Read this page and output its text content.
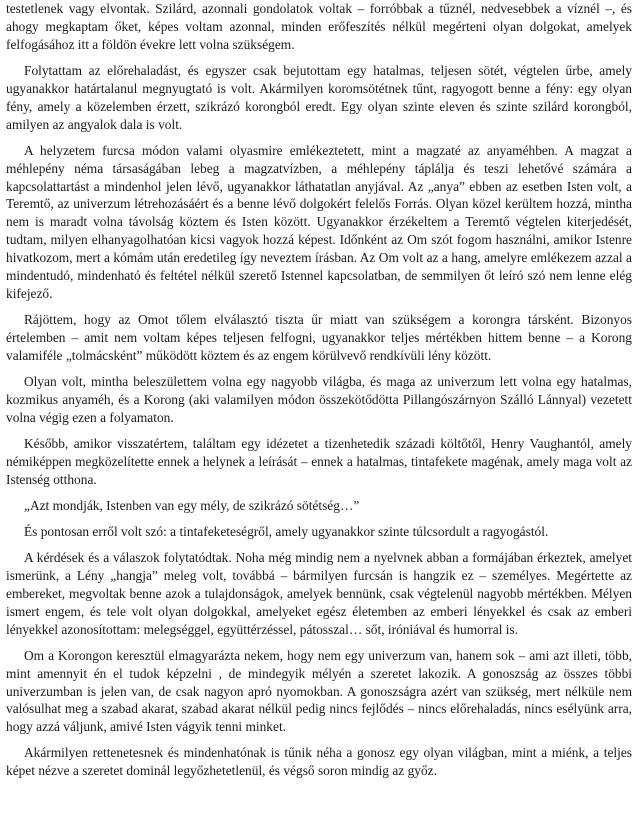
testetlenek vagy elvontak. Szilárd, azonnali gondolatok voltak – forróbbak a tűznél, nedvesebbek a víznél –, és ahogy megkaptam őket, képes voltam azonnal, minden erőfeszítés nélkül megérteni olyan dolgokat, amelyek felfogásához itt a földön évekre lett volna szükségem.

Folytattam az előrehaladást, és egyszer csak bejutottam egy hatalmas, teljesen sötét, végtelen űrbe, amely ugyanakkor határtalanul megnyugtató is volt. Akármilyen koromsötétnek tűnt, ragyogott benne a fény: egy olyan fény, amely a közelemben érzett, szikrázó korongból eredt. Egy olyan szinte eleven és szinte szilárd korongból, amilyen az angyalok dala is volt.

A helyzetem furcsa módon valami olyasmire emlékeztetett, mint a magzaté az anyaméhben. A magzat a méhlepény néma társaságában lebeg a magzatvízben, a méhlepény táplálja és teszi lehetővé számára a kapcsolattartást a mindenhol jelen lévő, ugyanakkor láthatatlan anyjával. Az „anya” ebben az esetben Isten volt, a Teremtő, az univerzum létrehozásáért és a benne lévő dolgokért felelős Forrás. Olyan közel kerültem hozzá, mintha nem is maradt volna távolság köztem és Isten között. Ugyanakkor érzékeltem a Teremtő végtelen kiterjedését, tudtam, milyen elhanyagolhatóan kicsi vagyok hozzá képest. Időnként az Om szót fogom használni, amikor Istenre hivatkozom, mert a kómám után eredetileg így neveztem írásban. Az Om volt az a hang, amelyre emlékezem azzal a mindentudó, mindenható és feltétel nélkül szerető Istennel kapcsolatban, de semmilyen őt leíró szó nem lenne elég kifejező.

Rájöttem, hogy az Omot tőlem elválasztó tiszta űr miatt van szükségem a korongra társként. Bizonyos értelemben – amit nem voltam képes teljesen felfogni, ugyanakkor teljes mértékben hittem benne – a Korong valamiféle „tolmácsként” működött köztem és az engem körülvevő rendkívüli lény között.

Olyan volt, mintha beleszülettem volna egy nagyobb világba, és maga az univerzum lett volna egy hatalmas, kozmikus anyaméh, és a Korong (aki valamilyen módon összekötődötta Pillangószárnyon Szálló Lánnyal) vezetett volna végig ezen a folyamaton.

Később, amikor visszatértem, találtam egy idézetet a tizenhetedik századi költőtől, Henry Vaughantól, amely némiképpen megközelítette ennek a helynek a leírását – ennek a hatalmas, tintafekete magénak, amely maga volt az Istenség otthona.

„Azt mondják, Istenben van egy mély, de szikrázó sötétség…”

És pontosan erről volt szó: a tintafeketeségről, amely ugyanakkor szinte túlcsordult a ragyogástól.

A kérdések és a válaszok folytatódtak. Noha még mindig nem a nyelvnek abban a formájában érkeztek, amelyet ismerünk, a Lény „hangja” meleg volt, továbbá – bármilyen furcsán is hangzik ez – személyes. Megértette az embereket, megvoltak benne azok a tulajdonságok, amelyek bennünk, csak végtelenül nagyobb mértékben. Mélyen ismert engem, és tele volt olyan dolgokkal, amelyeket egész életemben az emberi lényekkel és csak az emberi lényekkel azonosítottam: melegséggel, együttérzéssel, pátosszal… sőt, iróniával és humorral is.

Om a Korongon keresztül elmagyarázta nekem, hogy nem egy univerzum van, hanem sok – ami azt illeti, több, mint amennyit én el tudok képzelni , de mindegyik mélyén a szeretet lakozik. A gonoszság az összes többi univerzumban is jelen van, de csak nagyon apró nyomokban. A gonoszságra azért van szükség, mert nélküle nem valósulhat meg a szabad akarat, szabad akarat nélkül pedig nincs fejlődés – nincs előrehaladás, nincs esélyünk arra, hogy azzá váljunk, amivé Isten vágyik tenni minket.

Akármilyen rettenetesnek és mindenhatónak is tűnik néha a gonosz egy olyan világban, mint a miénk, a teljes képet nézve a szeretet dominál legyőzhetetlenül, és végső soron mindig az győz.
